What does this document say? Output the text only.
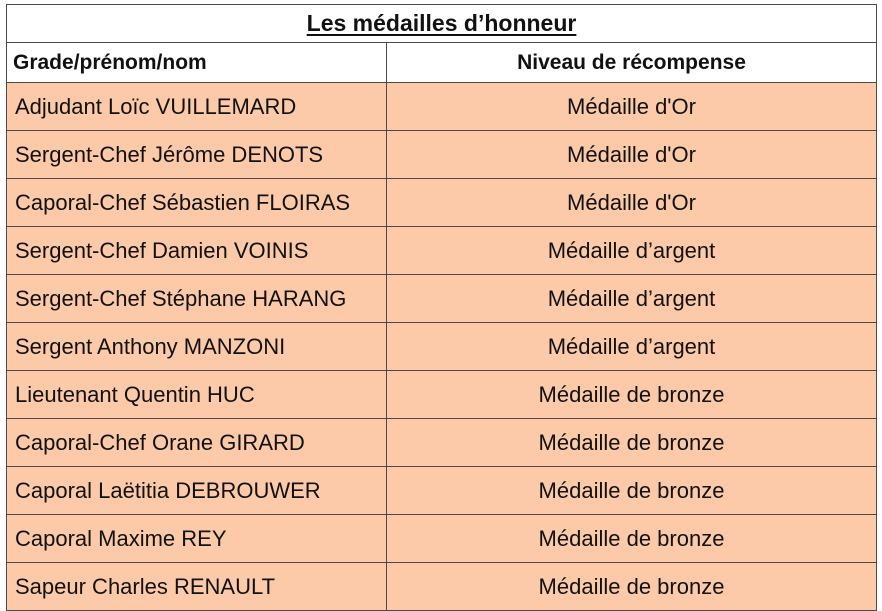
Les médailles d’honneur	
Grade/prénom/nom	Niveau de récompense
Adjudant Loïc VUILLEMARD	Médaille d'Or
Sergent-Chef Jérôme DENOTS	Médaille d'Or
Caporal-Chef Sébastien FLOIRAS	Médaille d'Or
Sergent-Chef Damien VOINIS	Médaille d’argent
Sergent-Chef Stéphane HARANG	Médaille d’argent
Sergent Anthony MANZONI	Médaille d’argent
Lieutenant Quentin HUC	Médaille de bronze
Caporal-Chef Orane GIRARD	Médaille de bronze
Caporal Laëtitia DEBROUWER	Médaille de bronze
Caporal Maxime REY	Médaille de bronze
Sapeur Charles RENAULT	Médaille de bronze
